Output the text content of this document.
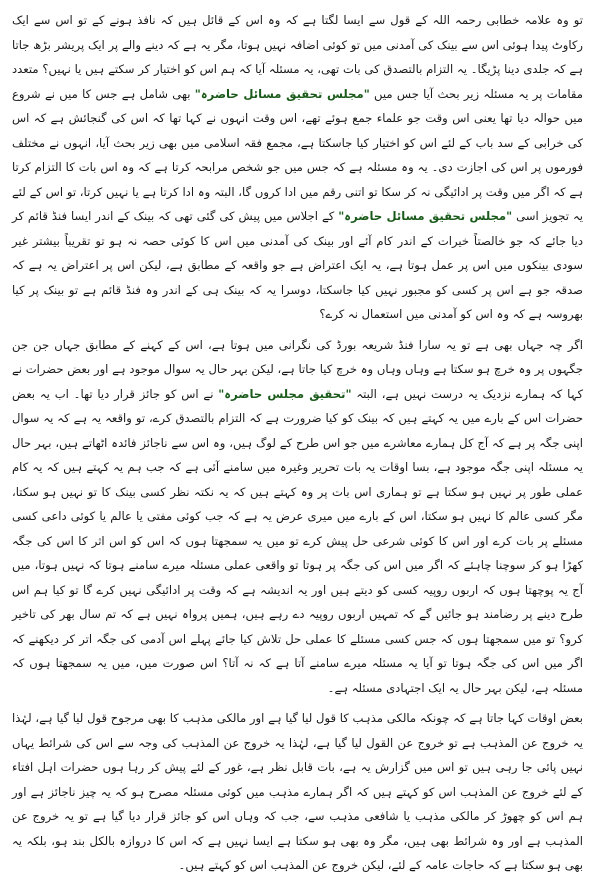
تو وہ علامہ خطابی رحمہ اللہ کے قول سے ایسا لگتا ہے کہ وہ اس کے قائل ہیں کہ نافذ ہونے کے تو اس سے ایک رکاوٹ پیدا ہوئی اس سے بینک کی آمدنی میں تو کوئی اضافہ نہیں ہوتا، مگر یہ ہے کہ دینے والے پر ایک پریشر بڑھ جاتا ہے کہ جلدی دینا پڑیگا۔ یہ التزام بالتصدق کی بات تھی، یہ مسئلہ آیا کہ ہم اس کو اختیار کر سکتے ہیں یا نہیں؟ متعدد مقامات پر یہ مسئلہ زیر بحث آیا جس میں "مجلس تحقیق مسائل حاضرہ" بھی شامل ہے جس کا میں نے شروع میں حوالہ دیا تھا یعنی اس وقت جو علماء جمع ہوئے تھے، اس وقت انہوں نے کہا تھا کہ اس کی گنجائش ہے کہ اس کی خرابی کے سد باب کے لئے اس کو اختیار کیا جاسکتا ہے، مجمع فقہ اسلامی میں بھی زیر بحث آیا، انہوں نے مختلف فورموں پر اس کی اجازت دی۔ یہ وہ مسئلہ ہے کہ جس میں جو شخص مرابحہ کرتا ہے کہ وہ اس بات کا التزام کرتا ہے کہ اگر میں وقت پر ادائیگی نہ کر سکا تو اتنی رقم میں ادا کروں گا، البتہ وہ ادا کرتا ہے یا نہیں کرتا، تو اس کے لئے یہ تجویز اسی "مجلس تحقیق مسائل حاضرہ" کے اجلاس میں پیش کی گئی تھی کہ بینک کے اندر ایسا فنڈ قائم کر دیا جائے کہ جو خالصتاً خیرات کے اندر کام آئے اور بینک کی آمدنی میں اس کا کوئی حصہ نہ ہو تو تقریباً بیشتر غیر سودی بینکوں میں اس پر عمل ہوتا ہے، یہ ایک اعتراض ہے جو واقعہ کے مطابق ہے، لیکن اس پر اعتراض یہ ہے کہ صدقہ جو ہے اس پر کسی کو مجبور نہیں کیا جاسکتا، دوسرا یہ کہ بینک ہی کے اندر وہ فنڈ قائم ہے تو بینک پر کیا بھروسہ ہے کہ وہ اس کو آمدنی میں استعمال نہ کرے؟

اگر چہ جہاں بھی ہے تو یہ سارا فنڈ شریعہ بورڈ کی نگرانی میں ہوتا ہے، اس کے کہنے کے مطابق جہاں جن جن جگہوں پر وہ خرچ ہو سکتا ہے وہاں وہاں وہ خرچ کیا جاتا ہے، لیکن بہر حال یہ سوال موجود ہے اور بعض حضرات نے کہا کہ ہمارے نزدیک یہ درست نہیں ہے، البتہ "تحقیق مجلس حاضرہ" نے اس کو جائز قرار دیا تھا۔ اب یہ بعض حضرات اس کے بارے میں یہ کہتے ہیں کہ بینک کو کیا ضرورت ہے کہ التزام بالتصدق کرے، تو واقعہ یہ ہے کہ یہ سوال اپنی جگہ پر ہے کہ آج کل ہمارے معاشرے میں جو اس طرح کے لوگ ہیں، وہ اس سے ناجائز فائدہ اٹھاتے ہیں، بہر حال یہ مسئلہ اپنی جگہ موجود ہے، بسا اوقات یہ بات تحریر وغیرہ میں سامنے آئی ہے کہ جب ہم یہ کہتے ہیں کہ یہ کام عملی طور پر نہیں ہو سکتا ہے تو ہماری اس بات پر وہ کہتے ہیں کہ یہ نکتہ نظر کسی بینک کا تو نہیں ہو سکتا، مگر کسی عالم کا نہیں ہو سکتا، اس کے بارے میں میری عرض یہ ہے کہ جب کوئی مفتی یا عالم یا کوئی داعی کسی مسئلے پر بات کرے اور اس کا کوئی شرعی حل پیش کرے تو میں یہ سمجھتا ہوں کہ اس کو اس اثر کا اس کی جگہ کھڑا ہو کر سوچنا چاہئے کہ اگر میں اس کی جگہ پر ہوتا تو واقعی عملی مسئلہ میرے سامنے ہوتا کہ نہیں ہوتا، میں آج یہ پوچھتا ہوں کہ اربوں روپیہ کسی کو دیتے ہیں اور یہ اندیشہ ہے کہ وقت پر ادائیگی نہیں کرے گا تو کیا ہم اس طرح دینے پر رضامند ہو جائیں گے کہ تمہیں اربوں روپیہ دے رہے ہیں، ہمیں پرواہ نہیں ہے کہ تم سال بھر کی تاخیر کرو؟ تو میں سمجھتا ہوں کہ جس کسی مسئلے کا عملی حل تلاش کیا جائے پہلے اس آدمی کی جگہ اتر کر دیکھنے کہ اگر میں اس کی جگہ ہوتا تو آیا یہ مسئلہ میرے سامنے آتا ہے کہ نہ آتا؟ اس صورت میں، میں یہ سمجھتا ہوں کہ مسئلہ ہے، لیکن بہر حال یہ ایک اجتہادی مسئلہ ہے۔

بعض اوقات کہا جاتا ہے کہ چونکہ مالکی مذہب کا قول لیا گیا ہے اور مالکی مذہب کا بھی مرجوح قول لیا گیا ہے، لہٰذا یہ خروج عن المذہب ہے تو خروج عن القول لیا گیا ہے، لہٰذا یہ خروج عن المذہب کی وجہ سے اس کی شرائط یہاں نہیں پائی جا رہی ہیں تو اس میں گزارش یہ ہے، بات قابل نظر ہے، غور کے لئے پیش کر رہا ہوں حضرات اہل افتاء کے لئے خروج عن المذہب اس کو کہتے ہیں کہ اگر ہمارے مذہب میں کوئی مسئلہ مصرح ہو کہ یہ چیز ناجائز ہے اور ہم اس کو چھوڑ کر مالکی مذہب یا شافعی مذہب سے، جب کہ وہاں اس کو جائز قرار دیا گیا ہے تو یہ خروج عن المذہب ہے اور وہ شرائط بھی ہیں، مگر وہ بھی ہو سکتا ہے ایسا نہیں ہے کہ اس کا دروازہ بالکل بند ہو، بلکہ یہ بھی ہو سکتا ہے کہ حاجات عامہ کے لئے، لیکن خروج عن المذہب اس کو کہتے ہیں۔
